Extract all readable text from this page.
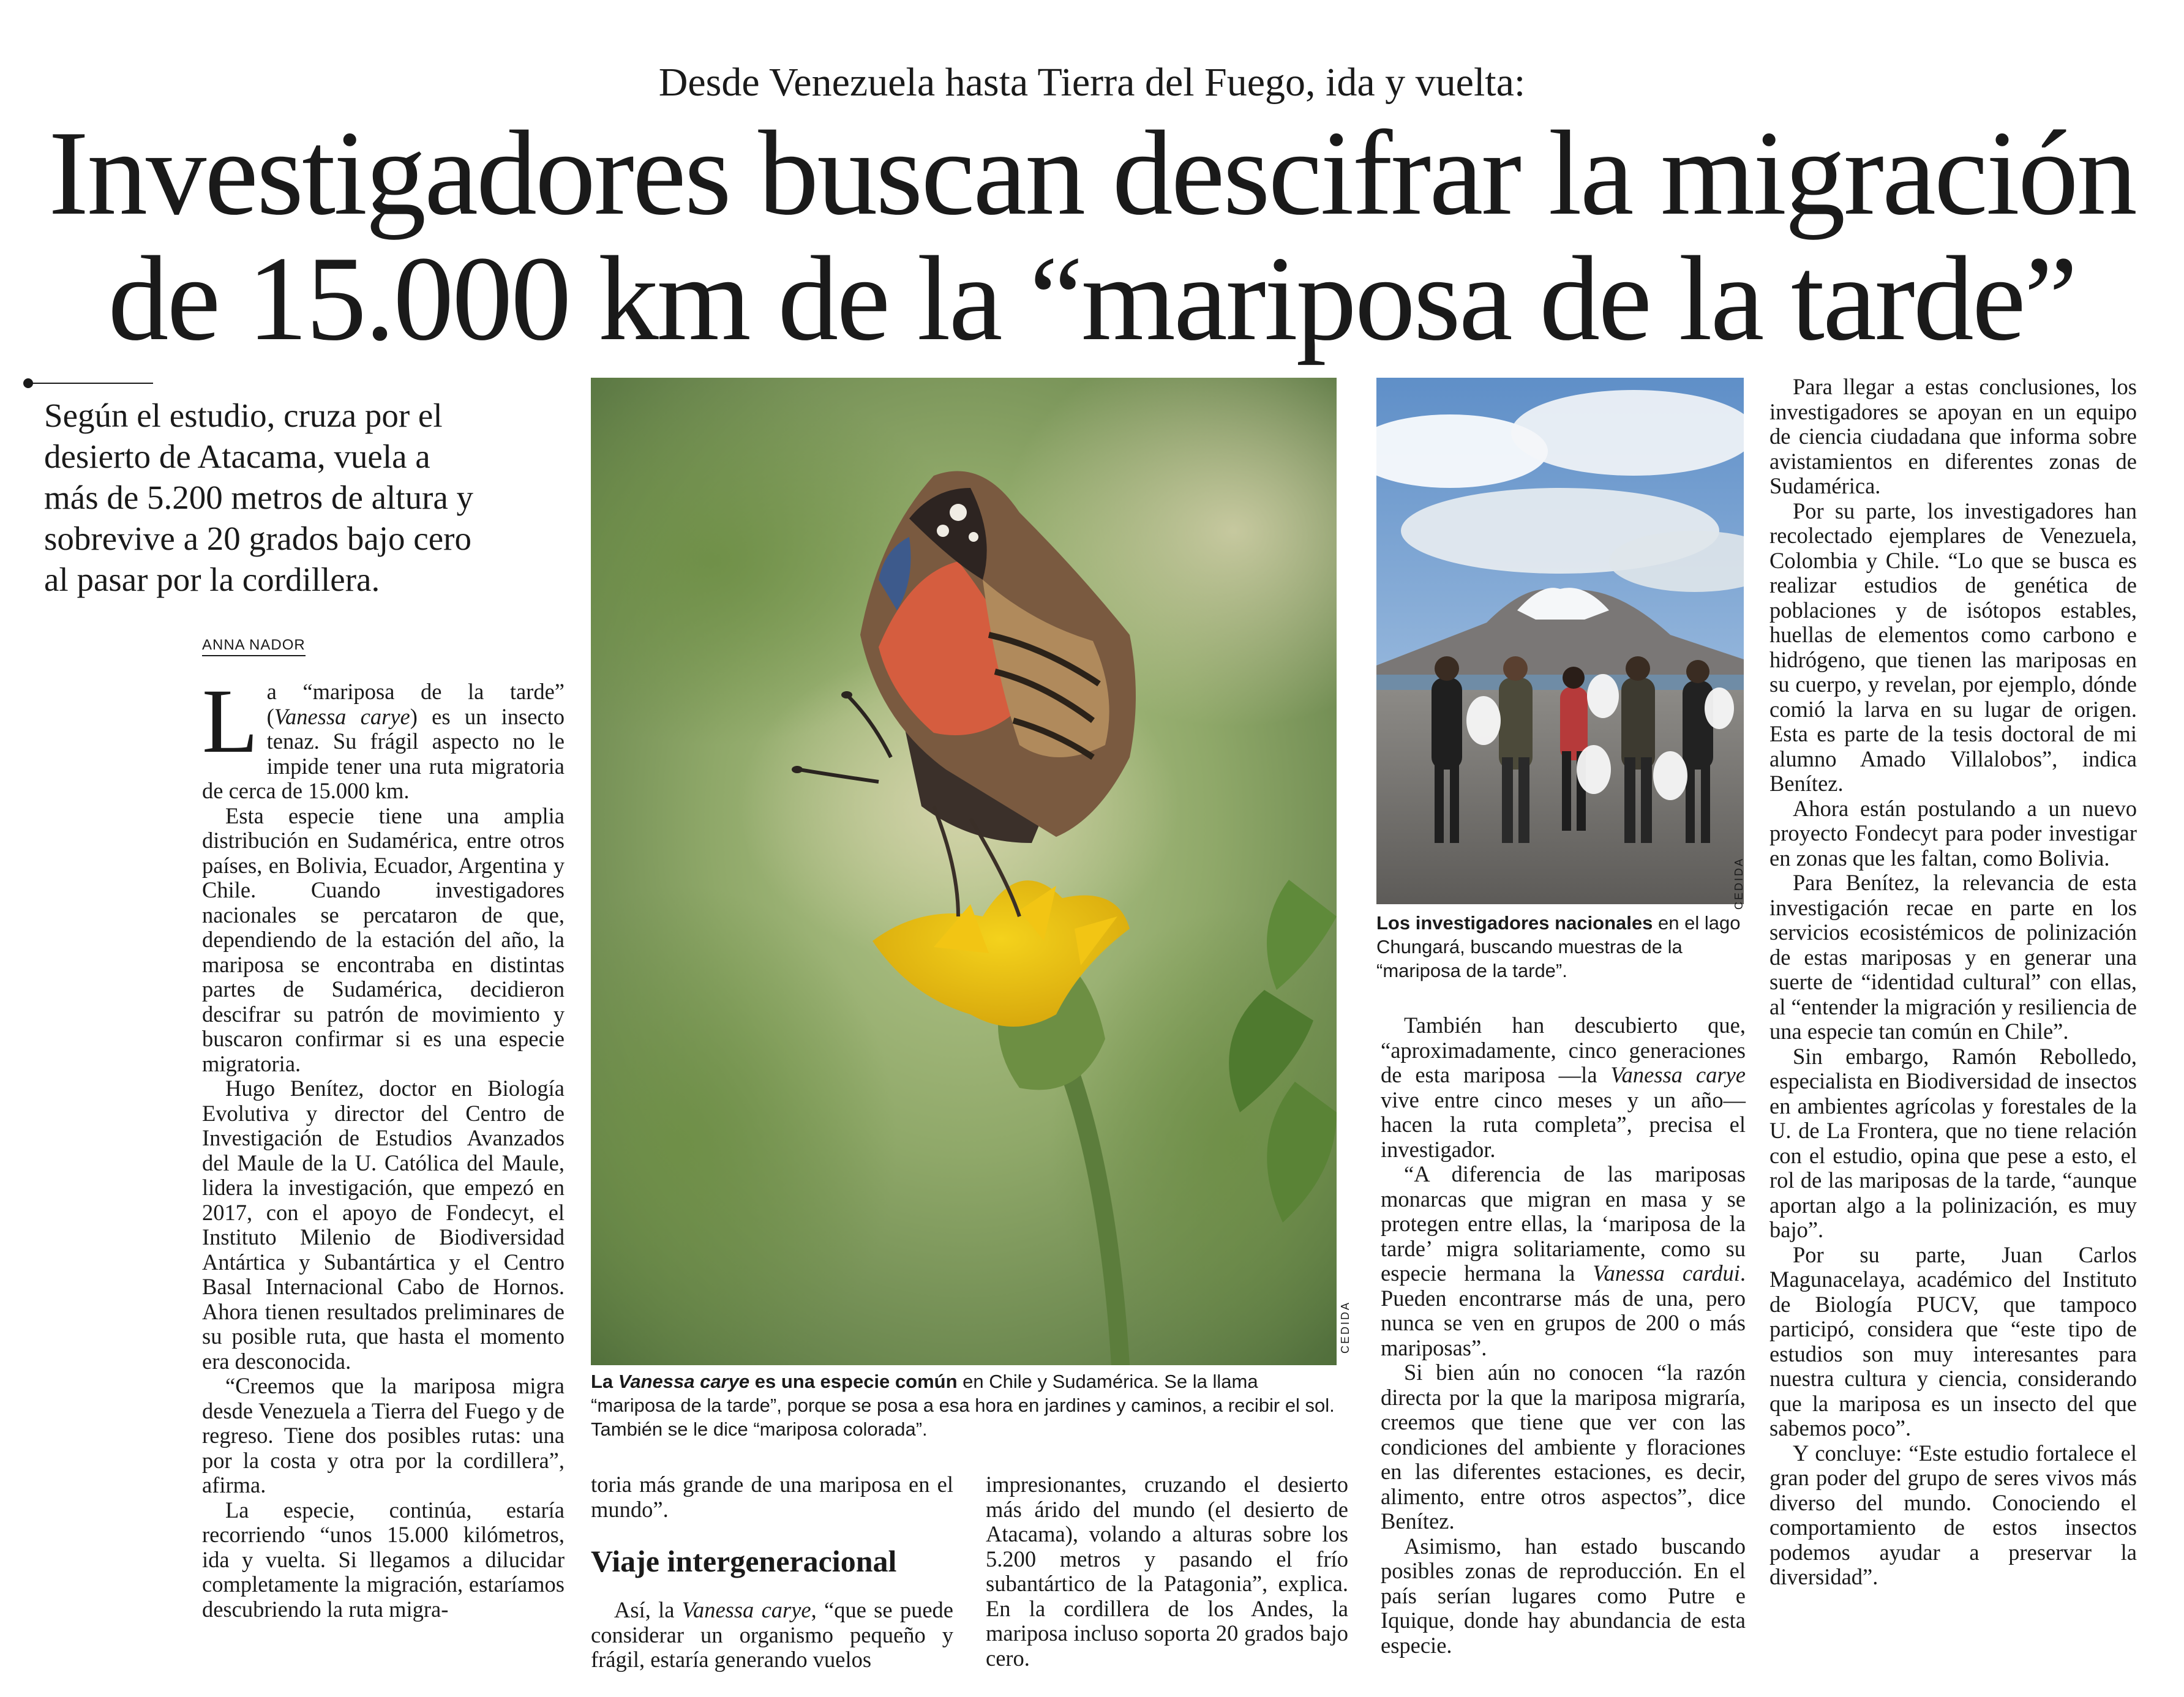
Desde Venezuela hasta Tierra del Fuego, ida y vuelta:
Investigadores buscan descifrar la migración
de 15.000 km de la “mariposa de la tarde”
Según el estudio, cruza por el
desierto de Atacama, vuela a
más de 5.200 metros de altura y
sobrevive a 20 grados bajo cero
al pasar por la cordillera.
ANNA NADOR

La “mariposa de la tarde” (Vanessa carye) es un insecto tenaz. Su frágil aspecto no le impide tener una ruta migratoria de cerca de 15.000 km.

Esta especie tiene una amplia distribución en Sudamérica, entre otros países, en Bolivia, Ecuador, Argentina y Chile. Cuando investigadores nacionales se percataron de que, dependiendo de la estación del año, la mariposa se encontraba en distintas partes de Sudamérica, decidieron descifrar su patrón de movimiento y buscaron confirmar si es una especie migratoria.

Hugo Benítez, doctor en Biología Evolutiva y director del Centro de Investigación de Estudios Avanzados del Maule de la U. Católica del Maule, lidera la investigación, que empezó en 2017, con el apoyo de Fondecyt, el Instituto Milenio de Biodiversidad Antártica y Subantártica y el Centro Basal Internacional Cabo de Hornos. Ahora tienen resultados preliminares de su posible ruta, que hasta el momento era desconocida.

“Creemos que la mariposa migra desde Venezuela a Tierra del Fuego y de regreso. Tiene dos posibles rutas: una por la costa y otra por la cordillera”, afirma.

La especie, continúa, estaría recorriendo “unos 15.000 kilómetros, ida y vuelta. Si llegamos a dilucidar completamente la migración, estaríamos descubriendo la ruta migra-

CEDIDA
La Vanessa carye es una especie común en Chile y Sudamérica. Se la llama “mariposa de la tarde”, porque se posa a esa hora en jardines y caminos, a recibir el sol. También se le dice “mariposa colorada”.

toria más grande de una mariposa en el mundo”.

Viaje intergeneracional

Así, la Vanessa carye, “que se puede considerar un organismo pequeño y frágil, estaría generando vuelos

impresionantes, cruzando el desierto más árido del mundo (el desierto de Atacama), volando a alturas sobre los 5.200 metros y pasando el frío subantártico de la Patagonia”, explica. En la cordillera de los Andes, la mariposa incluso soporta 20 grados bajo cero.

CEDIDA
Los investigadores nacionales en el lago Chungará, buscando muestras de la “mariposa de la tarde”.

También han descubierto que, “aproximadamente, cinco generaciones de esta mariposa —la Vanessa carye vive entre cinco meses y un año— hacen la ruta completa”, precisa el investigador.

“A diferencia de las mariposas monarcas que migran en masa y se protegen entre ellas, la ‘mariposa de la tarde’ migra solitariamente, como su especie hermana la Vanessa cardui. Pueden encontrarse más de una, pero nunca se ven en grupos de 200 o más mariposas”.

Si bien aún no conocen “la razón directa por la que la mariposa migraría, creemos que tiene que ver con las condiciones del ambiente y floraciones en las diferentes estaciones, es decir, alimento, entre otros aspectos”, dice Benítez.

Asimismo, han estado buscando posibles zonas de reproducción. En el país serían lugares como Putre e Iquique, donde hay abundancia de esta especie.

Para llegar a estas conclusiones, los investigadores se apoyan en un equipo de ciencia ciudadana que informa sobre avistamientos en diferentes zonas de Sudamérica.

Por su parte, los investigadores han recolectado ejemplares de Venezuela, Colombia y Chile. “Lo que se busca es realizar estudios de genética de poblaciones y de isótopos estables, huellas de elementos como carbono e hidrógeno, que tienen las mariposas en su cuerpo, y revelan, por ejemplo, dónde comió la larva en su lugar de origen. Esta es parte de la tesis doctoral de mi alumno Amado Villalobos”, indica Benítez.

Ahora están postulando a un nuevo proyecto Fondecyt para poder investigar en zonas que les faltan, como Bolivia.

Para Benítez, la relevancia de esta investigación recae en parte en los servicios ecosistémicos de polinización de estas mariposas y en generar una suerte de “identidad cultural” con ellas, al “entender la migración y resiliencia de una especie tan común en Chile”.

Sin embargo, Ramón Rebolledo, especialista en Biodiversidad de insectos en ambientes agrícolas y forestales de la U. de La Frontera, que no tiene relación con el estudio, opina que pese a esto, el rol de las mariposas de la tarde, “aunque aportan algo a la polinización, es muy bajo”.

Por su parte, Juan Carlos Magunacelaya, académico del Instituto de Biología PUCV, que tampoco participó, considera que “este tipo de estudios son muy interesantes para nuestra cultura y ciencia, considerando que la mariposa es un insecto del que sabemos poco”.

Y concluye: “Este estudio fortalece el gran poder del grupo de seres vivos más diverso del mundo. Conociendo el comportamiento de estos insectos podemos ayudar a preservar la diversidad”.
